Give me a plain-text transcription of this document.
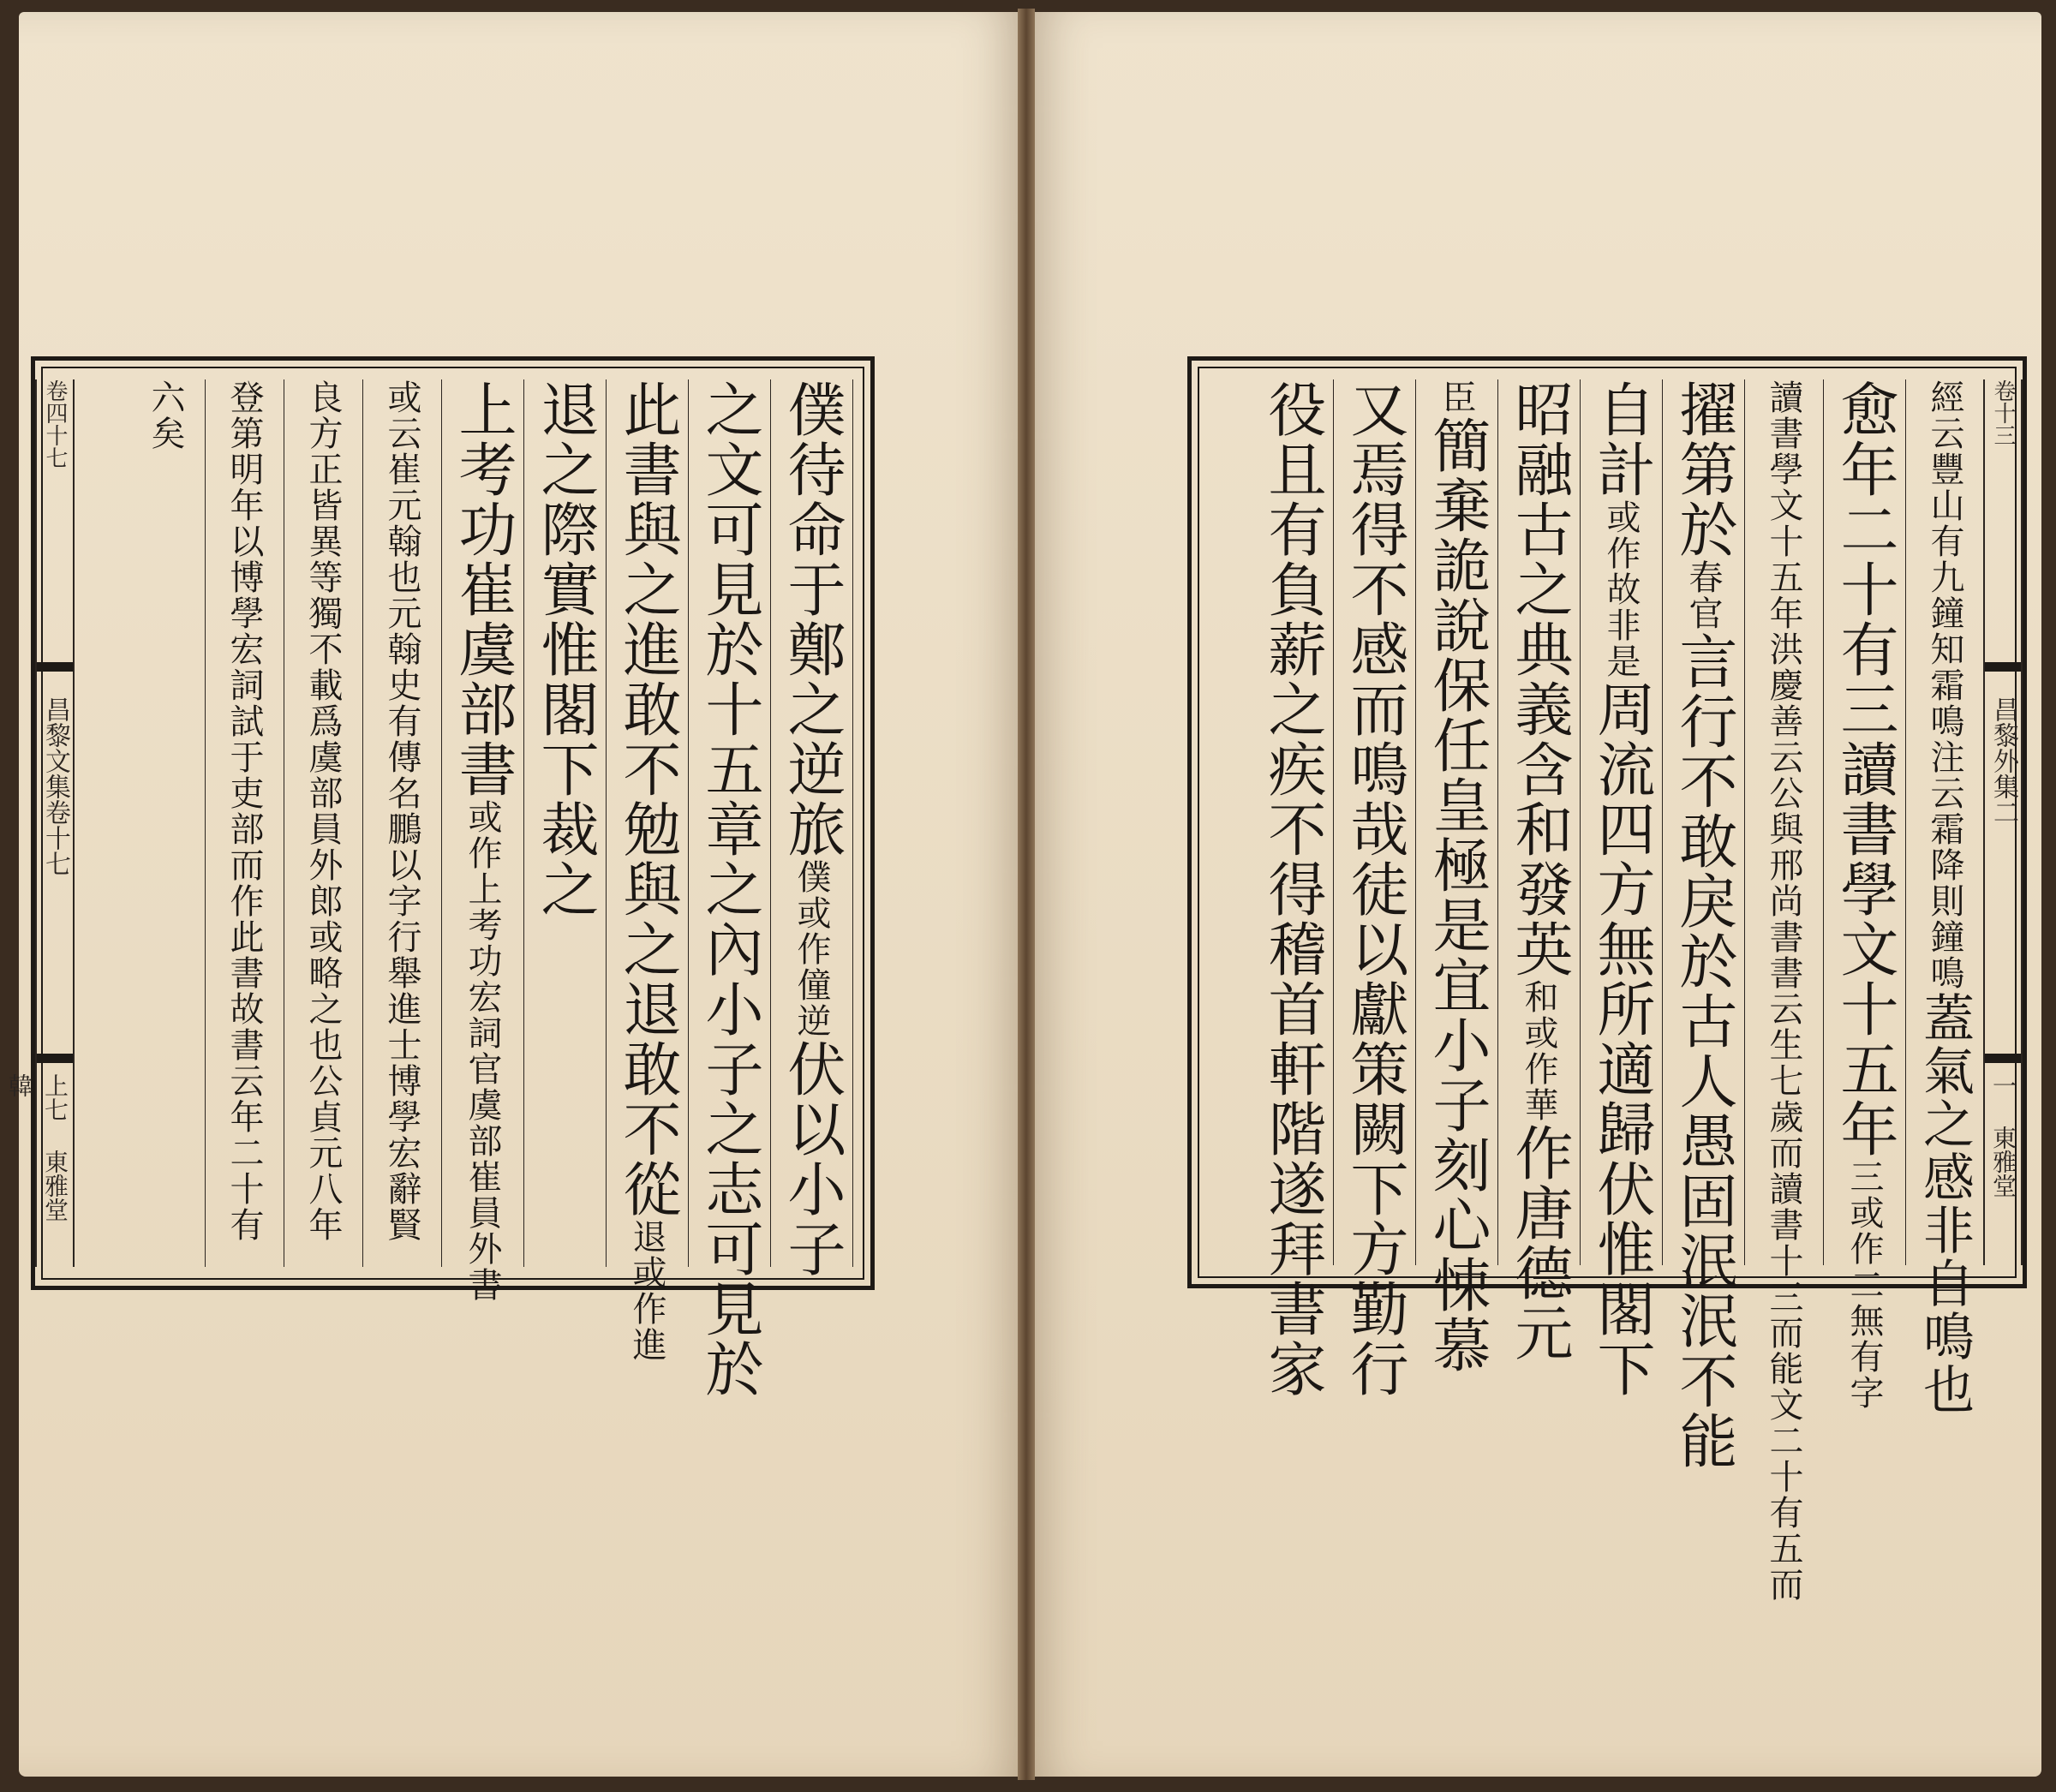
僕待命于鄭之逆旅僕或作僮逆伏以小子
之文可見於十五章之內小子之志可見於
此書與之進敢不勉與之退敢不從退或作進
退之際實惟閣下裁之
上考功崔虞部書或作上考功宏詞官虞部崔員外書
或云崔元翰也元翰史有傳名鵬以字行舉進士博學宏辭賢
良方正皆異等獨不載爲虞部員外郎或略之也公貞元八年
登第明年以博學宏詞試于吏部而作此書故書云年二十有
六矣

卷四十七
昌黎文集卷十七
上七 東雅堂 韓
卷十三
昌黎外集二
一 東雅堂
經云豐山有九鐘知霜鳴注云霜降則鐘鳴蓋氣之感非自鳴也
愈年二十有三讀書學文十五年三或作二無有字
讀書學文十五年洪慶善云公與邢尚書書云生七歲而讀書十三而能文二十有五而
擢第於春官言行不敢戾於古人愚固泯泯不能
自計或作故非是周流四方無所適歸伏惟閣下
昭融古之典義含和發英和或作華作唐德元
臣簡棄詭說保任皇極是宜小子刻心悚慕
又焉得不感而鳴哉徒以獻策闕下方勤行
役且有負薪之疾不得稽首軒階遂拜書家
